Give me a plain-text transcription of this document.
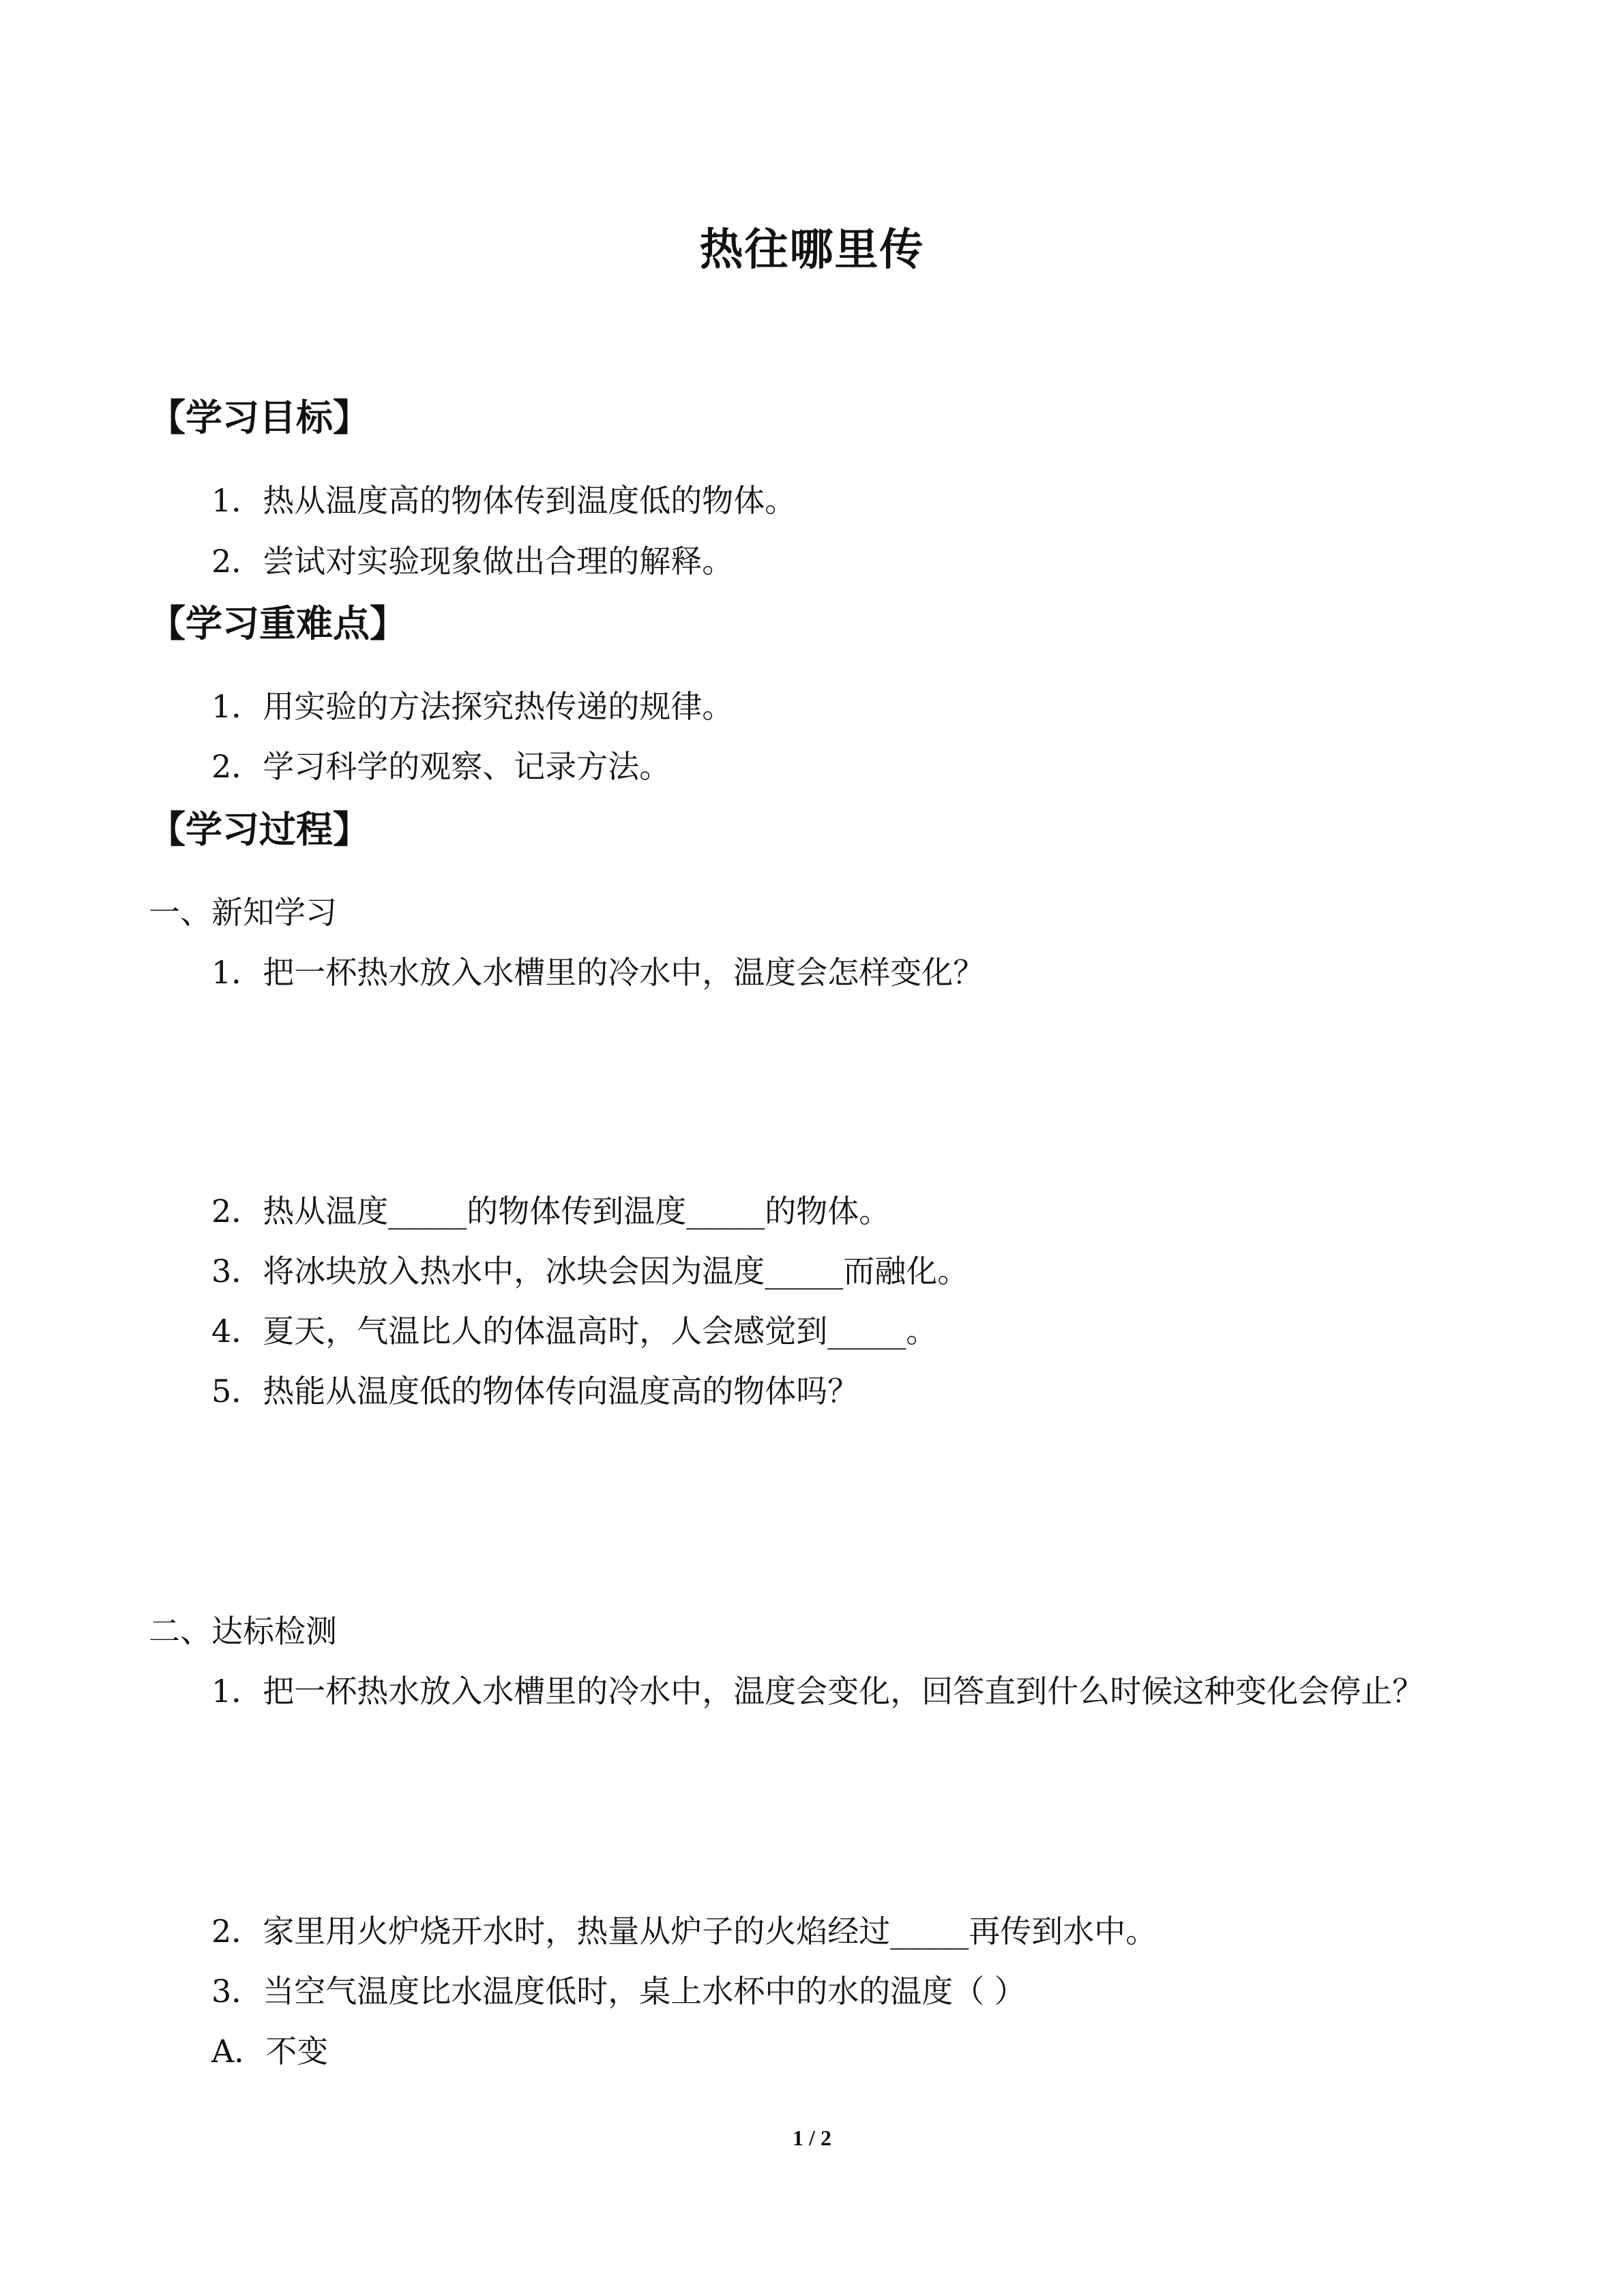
热往哪里传
【学习目标】
1．热从温度高的物体传到温度低的物体。
2．尝试对实验现象做出合理的解释。
【学习重难点】
1．用实验的方法探究热传递的规律。
2．学习科学的观察、记录方法。
【学习过程】
一、新知学习
1．把一杯热水放入水槽里的冷水中，温度会怎样变化？
2．热从温度_____的物体传到温度_____的物体。
3．将冰块放入热水中，冰块会因为温度_____而融化。
4．夏天，气温比人的体温高时，人会感觉到_____。
5．热能从温度低的物体传向温度高的物体吗？
二、达标检测
1．把一杯热水放入水槽里的冷水中，温度会变化，回答直到什么时候这种变化会停止？
2．家里用火炉烧开水时，热量从炉子的火焰经过_____再传到水中。
3．当空气温度比水温度低时，桌上水杯中的水的温度（ ）
A．不变
1 / 2
